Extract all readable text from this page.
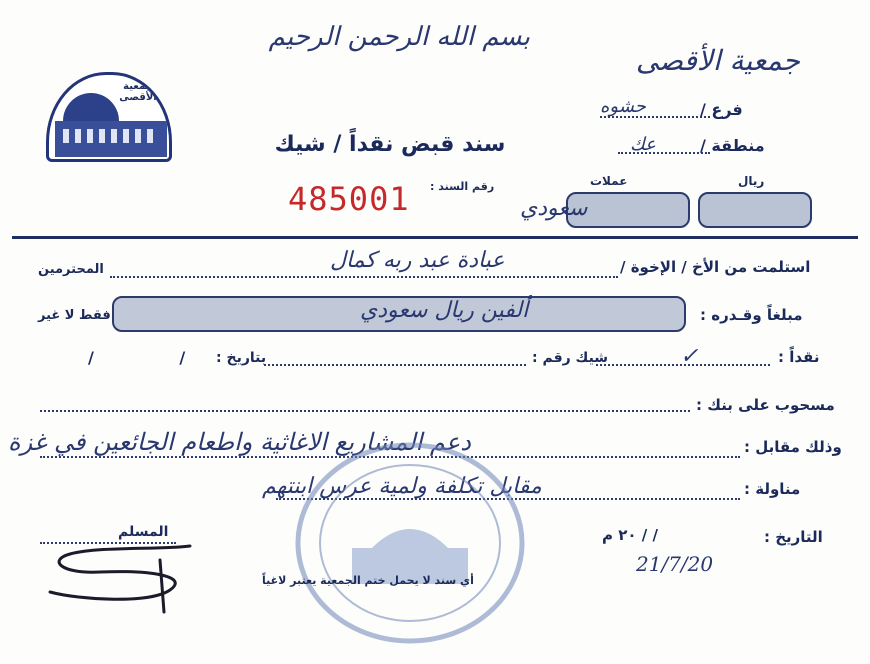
بسم الله الرحمن الرحيم
جمعية الأقصى
فرع /
حشوه
منطقة /
عك
جمعية الأقصى
سند قبض نقداً / شيك
رقم السند :
485001	ريال
عملات
سعودي
استلمت من الأخ / الإخوة /
عبادة عبد ربه كمال
المحترمين
مبلغاً وقـدره :
ألفين ريال سعودي
فقط لا غير
نقداً :
✓
شيك رقم :
بتاريخ :
/ /
مسحوب على بنك :
وذلك مقابل :
دعم المشاريع الاغاثية واطعام الجائعين في غزة
مناولة :
مقابل تكلفة ولمية عرس ابنتهم
التاريخ :
/ / ٢٠ م
21/7/20
المسلم
أي سند لا يحمل ختم الجمعية يعتبر لاغياً
